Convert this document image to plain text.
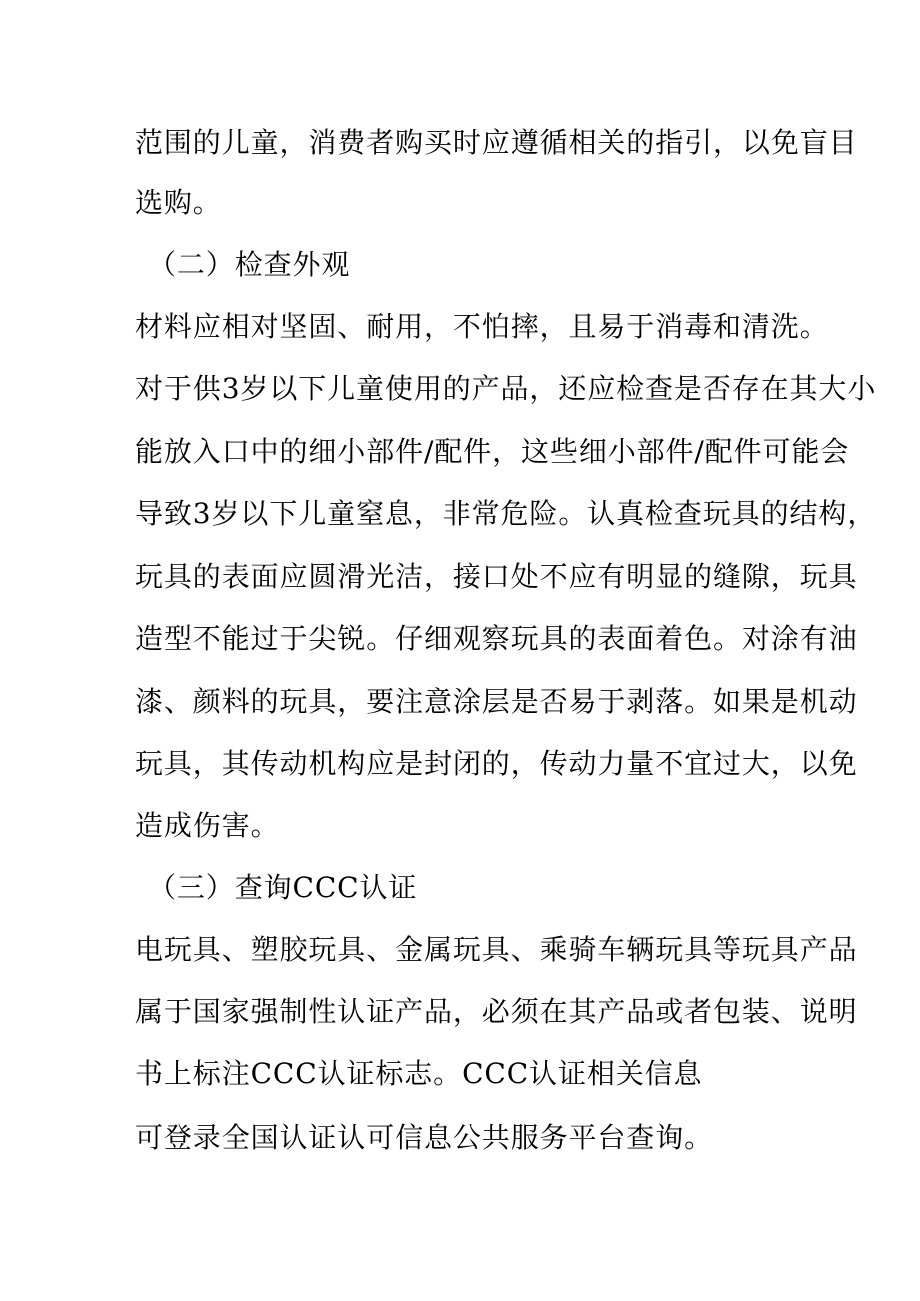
范围的儿童，消费者购买时应遵循相关的指引，以免盲目
选购。
（二）检查外观
材料应相对坚固、耐用，不怕摔，且易于消毒和清洗。
对于供3岁以下儿童使用的产品，还应检查是否存在其大小
能放入口中的细小部件/配件，这些细小部件/配件可能会
导致3岁以下儿童窒息，非常危险。认真检查玩具的结构，
玩具的表面应圆滑光洁，接口处不应有明显的缝隙，玩具
造型不能过于尖锐。仔细观察玩具的表面着色。对涂有油
漆、颜料的玩具，要注意涂层是否易于剥落。如果是机动
玩具，其传动机构应是封闭的，传动力量不宜过大，以免
造成伤害。
（三）查询CCC认证
电玩具、塑胶玩具、金属玩具、乘骑车辆玩具等玩具产品
属于国家强制性认证产品，必须在其产品或者包装、说明
书上标注CCC认证标志。CCC认证相关信息
可登录全国认证认可信息公共服务平台查询。
